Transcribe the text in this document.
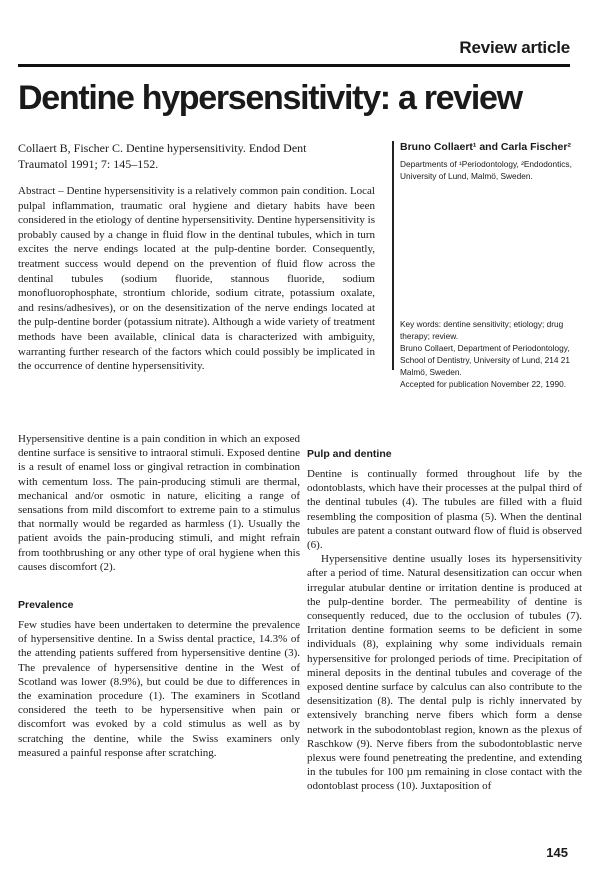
Review article
Dentine hypersensitivity: a review
Collaert B, Fischer C. Dentine hypersensitivity. Endod Dent
Traumatol 1991; 7: 145–152.
Abstract – Dentine hypersensitivity is a relatively common pain condition. Local pulpal inflammation, traumatic oral hygiene and dietary habits have been considered in the etiology of dentine hypersensitivity. Dentine hypersensitivity is probably caused by a change in fluid flow in the dentinal tubules, which in turn excites the nerve endings located at the pulp-dentine border. Consequently, treatment success would depend on the prevention of fluid flow across the dentinal tubules (sodium fluoride, stannous fluoride, sodium monofluorophosphate, strontium chloride, sodium citrate, potassium oxalate, and resins/adhesives), or on the desensitization of the nerve endings located at the pulp-dentine border (potassium nitrate). Although a wide variety of treatment methods have been available, clinical data is characterized with ambiguity, warranting further research of the factors which could possibly be implicated in the occurrence of dentine hypersensitivity.
Bruno Collaert¹ and Carla Fischer²
Departments of ¹Periodontology, ²Endodontics, University of Lund, Malmö, Sweden.
Key words: dentine sensitivity; etiology; drug therapy; review.
Bruno Collaert, Department of Periodontology, School of Dentistry, University of Lund, 214 21 Malmö, Sweden.
Accepted for publication November 22, 1990.

Hypersensitive dentine is a pain condition in which an exposed dentine surface is sensitive to intraoral stimuli. Exposed dentine is a result of enamel loss or gingival retraction in combination with cementum loss. The pain-producing stimuli are thermal, mechanical and/or osmotic in nature, eliciting a range of sensations from mild discomfort to extreme pain to a stimulus that normally would be regarded as harmless (1). Usually the patient avoids the pain-producing stimuli, and might refrain from toothbrushing or any other type of oral hygiene when this causes discomfort (2).

Prevalence

Few studies have been undertaken to determine the prevalence of hypersensitive dentine. In a Swiss dental practice, 14.3% of the attending patients suffered from hypersensitive dentine (3). The prevalence of hypersensitive dentine in the West of Scotland was lower (8.9%), but could be due to differences in the examination procedure (1). The examiners in Scotland considered the teeth to be hypersensitive when pain or discomfort was evoked by a cold stimulus as well as by scratching the dentine, while the Swiss examiners only measured a painful response after scratching.

Pulp and dentine

Dentine is continually formed throughout life by the odontoblasts, which have their processes at the pulpal third of the dentinal tubules (4). The tubules are filled with a fluid resembling the composition of plasma (5). When the dentinal tubules are patent a constant outward flow of fluid is observed (6).

Hypersensitive dentine usually loses its hypersensitivity after a period of time. Natural desensitization can occur when irregular atubular dentine or irritation dentine is produced at the pulp-dentine border. The permeability of dentine is consequently reduced, due to the occlusion of tubules (7). Irritation dentine formation seems to be deficient in some individuals (8), explaining why some individuals remain hypersensitive for prolonged periods of time. Precipitation of mineral deposits in the dentinal tubules and coverage of the exposed dentine surface by calculus can also contribute to the desensitization (8). The dental pulp is richly innervated by extensively branching nerve fibers which form a dense network in the subodontoblast region, known as the plexus of Raschkow (9). Nerve fibers from the subodontoblastic nerve plexus were found penetreating the predentine, and extending in the tubules for 100 µm remaining in close contact with the odontoblast process (10). Juxtaposition of

145
